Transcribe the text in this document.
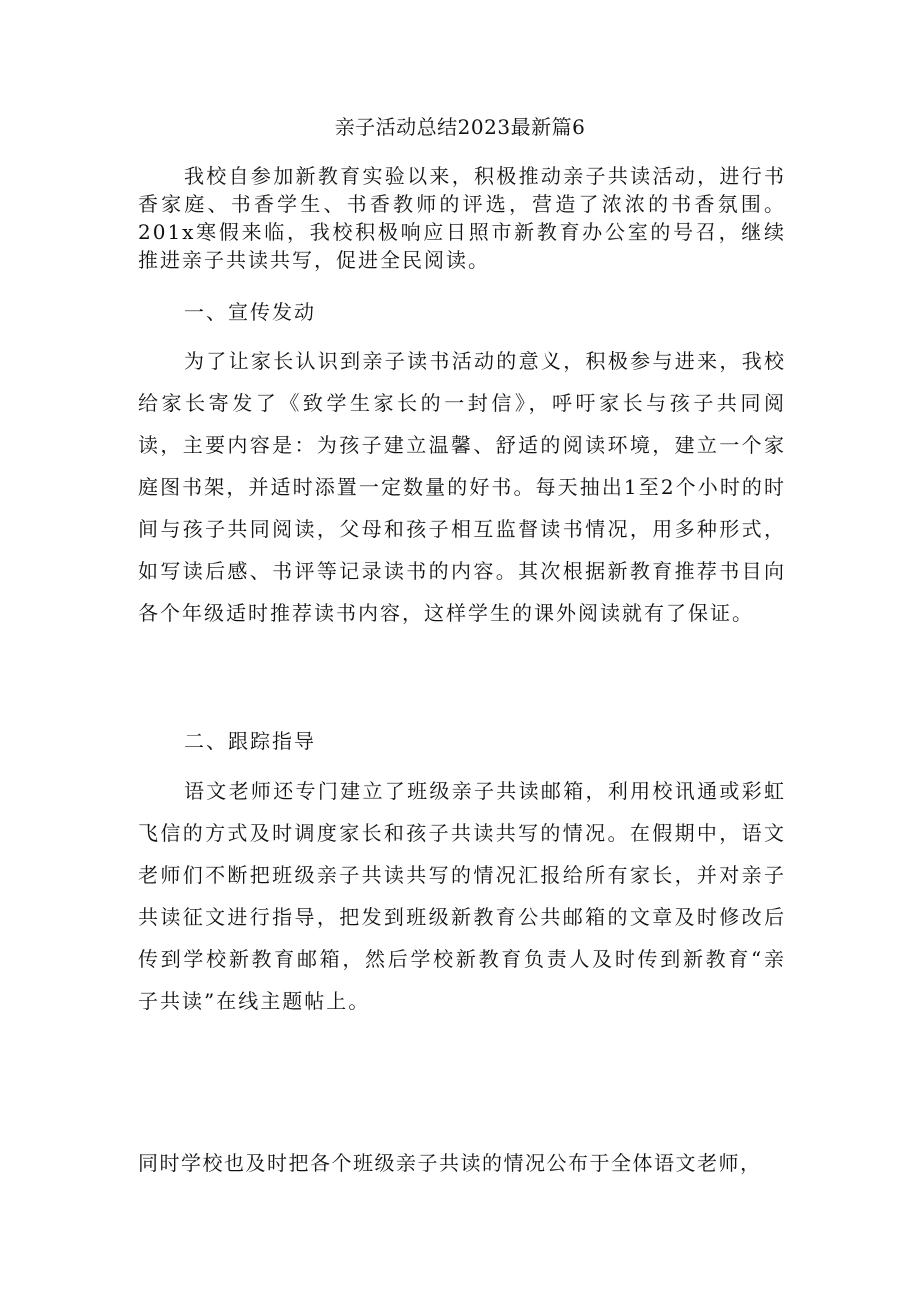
亲子活动总结2023最新篇6
我校自参加新教育实验以来，积极推动亲子共读活动，进行书香家庭、书香学生、书香教师的评选，营造了浓浓的书香氛围。201x寒假来临，我校积极响应日照市新教育办公室的号召，继续推进亲子共读共写，促进全民阅读。
一、宣传发动
为了让家长认识到亲子读书活动的意义，积极参与进来，我校给家长寄发了《致学生家长的一封信》，呼吁家长与孩子共同阅读，主要内容是：为孩子建立温馨、舒适的阅读环境，建立一个家庭图书架，并适时添置一定数量的好书。每天抽出1至2个小时的时间与孩子共同阅读，父母和孩子相互监督读书情况，用多种形式，如写读后感、书评等记录读书的内容。其次根据新教育推荐书目向各个年级适时推荐读书内容，这样学生的课外阅读就有了保证。
二、跟踪指导
语文老师还专门建立了班级亲子共读邮箱，利用校讯通或彩虹飞信的方式及时调度家长和孩子共读共写的情况。在假期中，语文老师们不断把班级亲子共读共写的情况汇报给所有家长，并对亲子共读征文进行指导，把发到班级新教育公共邮箱的文章及时修改后传到学校新教育邮箱，然后学校新教育负责人及时传到新教育“亲子共读”在线主题帖上。
同时学校也及时把各个班级亲子共读的情况公布于全体语文老师，
